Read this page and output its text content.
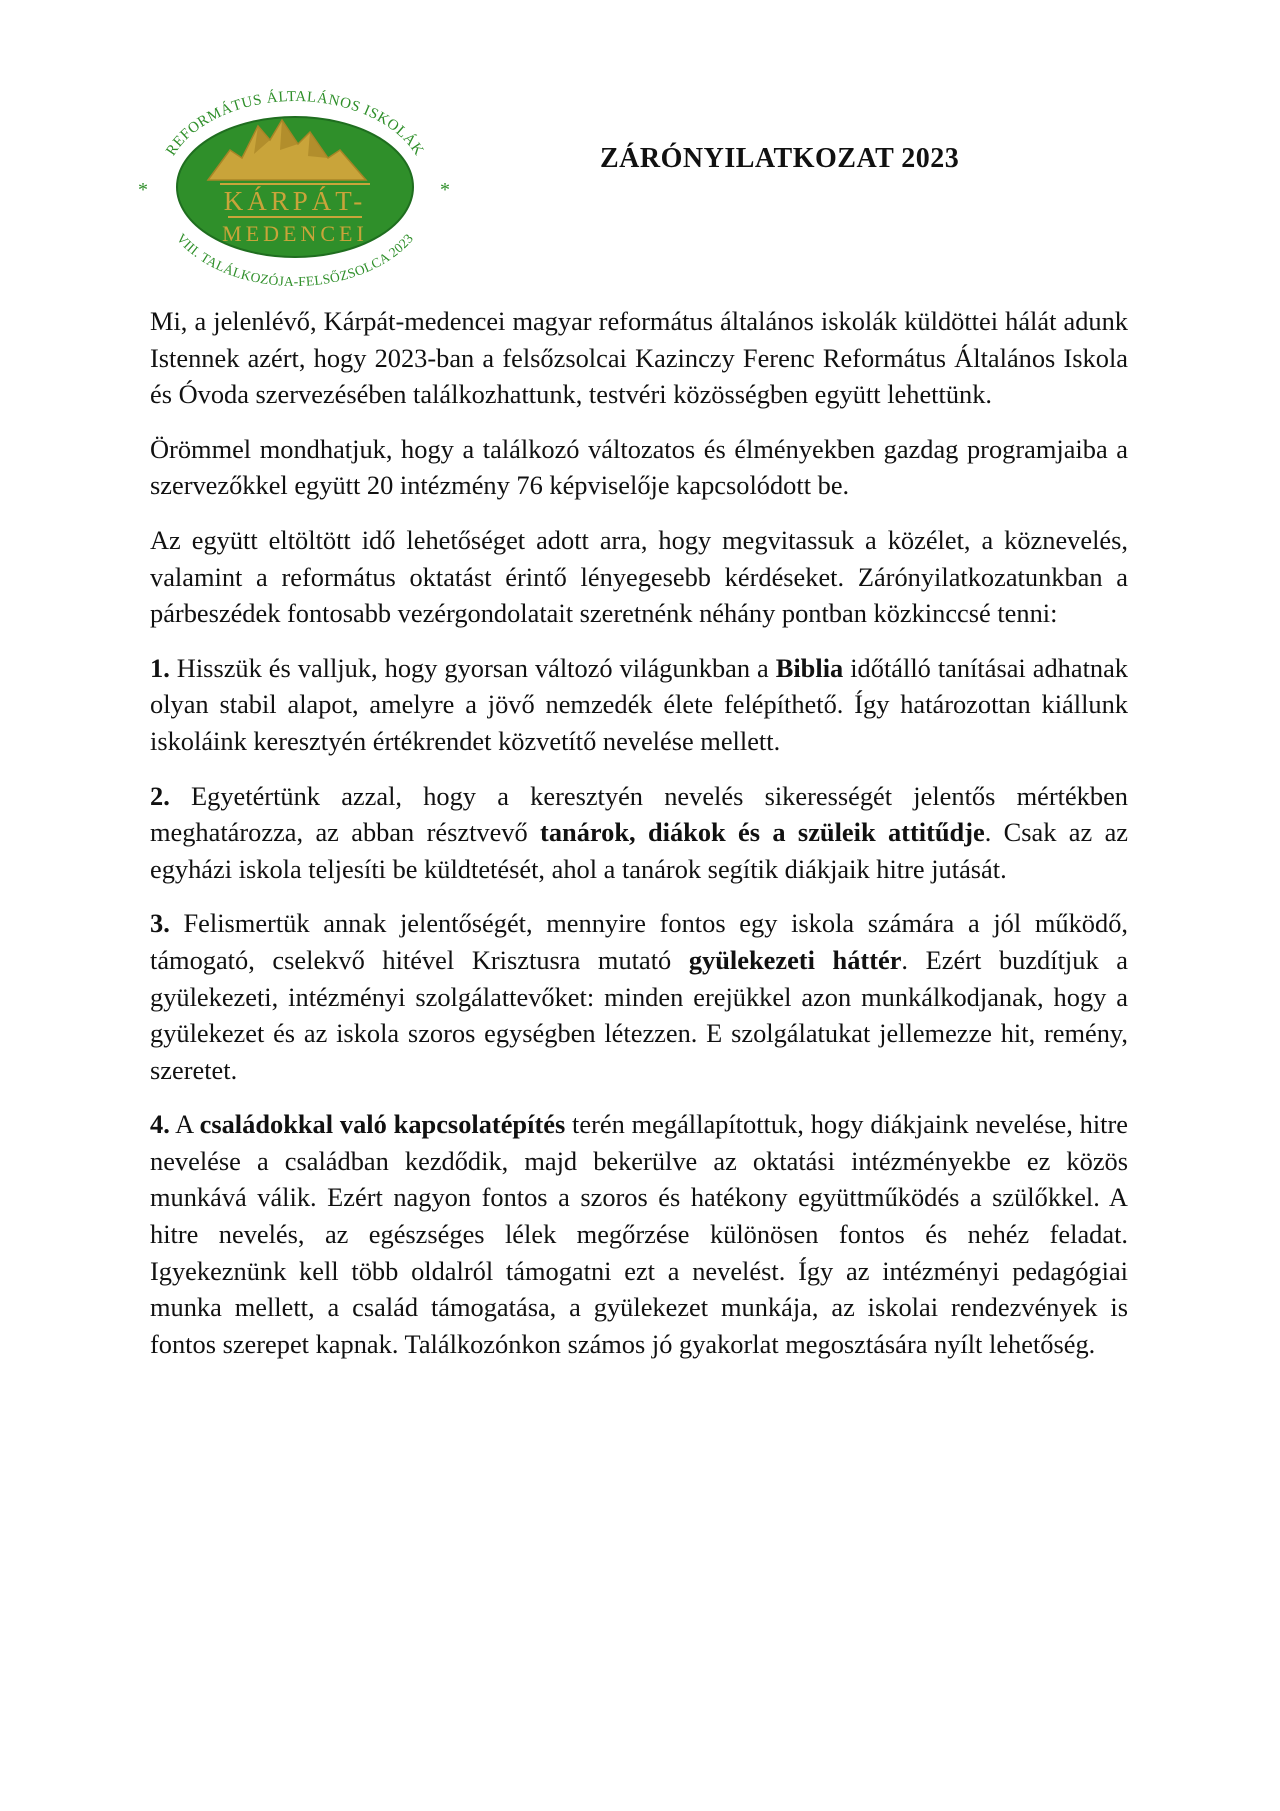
REFORMÁTUS ÁLTALÁNOS ISKOLÁK
VIII. TALÁLKOZÓJA-FELSŐZSOLCA 2023
*	*
KÁRPÁT-
MEDENCEI
ZÁRÓNYILATKOZAT 2023

Mi, a jelenlévő, Kárpát-medencei magyar református általános iskolák küldöttei hálát adunk Istennek azért, hogy 2023-ban a felsőzsolcai Kazinczy Ferenc Református Általános Iskola és Óvoda szervezésében találkozhattunk, testvéri közösségben együtt lehettünk.

Örömmel mondhatjuk, hogy a találkozó változatos és élményekben gazdag programjaiba a szervezőkkel együtt 20 intézmény 76 képviselője kapcsolódott be.

Az együtt eltöltött idő lehetőséget adott arra, hogy megvitassuk a közélet, a köznevelés, valamint a református oktatást érintő lényegesebb kérdéseket. Zárónyilatkozatunkban a párbeszédek fontosabb vezérgondolatait szeretnénk néhány pontban közkinccsé tenni:

1. Hisszük és valljuk, hogy gyorsan változó világunkban a Biblia időtálló tanításai adhatnak olyan stabil alapot, amelyre a jövő nemzedék élete felépíthető. Így határozottan kiállunk iskoláink keresztyén értékrendet közvetítő nevelése mellett.

2. Egyetértünk azzal, hogy a keresztyén nevelés sikerességét jelentős mértékben meghatározza, az abban résztvevő tanárok, diákok és a szüleik attitűdje. Csak az az egyházi iskola teljesíti be küldtetését, ahol a tanárok segítik diákjaik hitre jutását.

3. Felismertük annak jelentőségét, mennyire fontos egy iskola számára a jól működő, támogató, cselekvő hitével Krisztusra mutató gyülekezeti háttér. Ezért buzdítjuk a gyülekezeti, intézményi szolgálattevőket: minden erejükkel azon munkálkodjanak, hogy a gyülekezet és az iskola szoros egységben létezzen. E szolgálatukat jellemezze hit, remény, szeretet.

4. A családokkal való kapcsolatépítés terén megállapítottuk, hogy diákjaink nevelése, hitre nevelése a családban kezdődik, majd bekerülve az oktatási intézményekbe ez közös munkává válik. Ezért nagyon fontos a szoros és hatékony együttműködés a szülőkkel. A hitre nevelés, az egészséges lélek megőrzése különösen fontos és nehéz feladat. Igyekeznünk kell több oldalról támogatni ezt a nevelést. Így az intézményi pedagógiai munka mellett, a család támogatása, a gyülekezet munkája, az iskolai rendezvények is fontos szerepet kapnak. Találkozónkon számos jó gyakorlat megosztására nyílt lehetőség.
